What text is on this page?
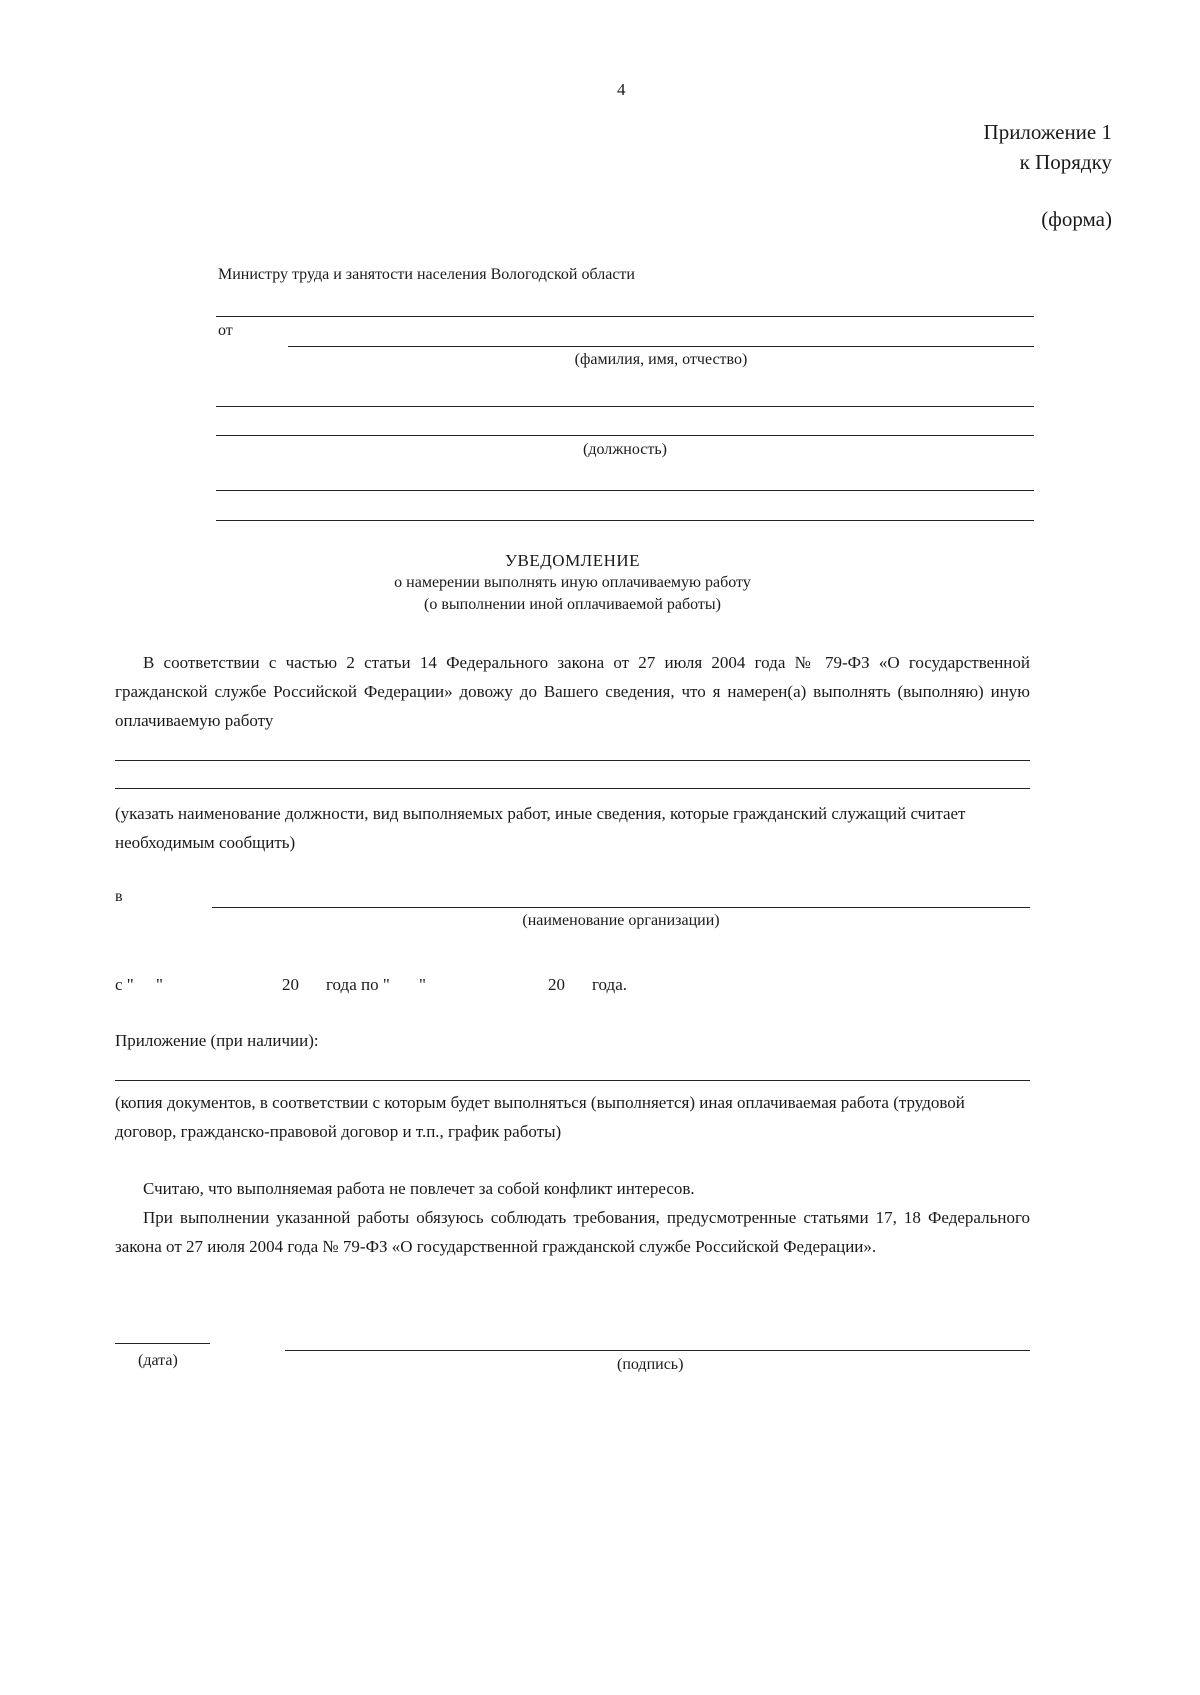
4
Приложение 1
к Порядку
(форма)
Министру труда и занятости населения Вологодской области
от
(фамилия, имя, отчество)
(должность)
УВЕДОМЛЕНИЕ
о намерении выполнять иную оплачиваемую работу
(о выполнении иной оплачиваемой работы)
В соответствии с частью 2 статьи 14 Федерального закона от 27 июля 2004 года № 79-ФЗ «О государственной гражданской службе Российской Федерации» довожу до Вашего сведения, что я намерен(а) выполнять (выполняю) иную оплачиваемую работу
(указать наименование должности, вид выполняемых работ, иные сведения, которые гражданский служащий считает необходимым сообщить)
в
(наименование организации)
с " "	20 года по " "	20 года.
Приложение (при наличии):
(копия документов, в соответствии с которым будет выполняться (выполняется) иная оплачиваемая работа (трудовой договор, гражданско-правовой договор и т.п., график работы)
Считаю, что выполняемая работа не повлечет за собой конфликт интересов.
При выполнении указанной работы обязуюсь соблюдать требования, предусмотренные статьями 17, 18 Федерального закона от 27 июля 2004 года № 79-ФЗ «О государственной гражданской службе Российской Федерации».
(дата)	(подпись)
